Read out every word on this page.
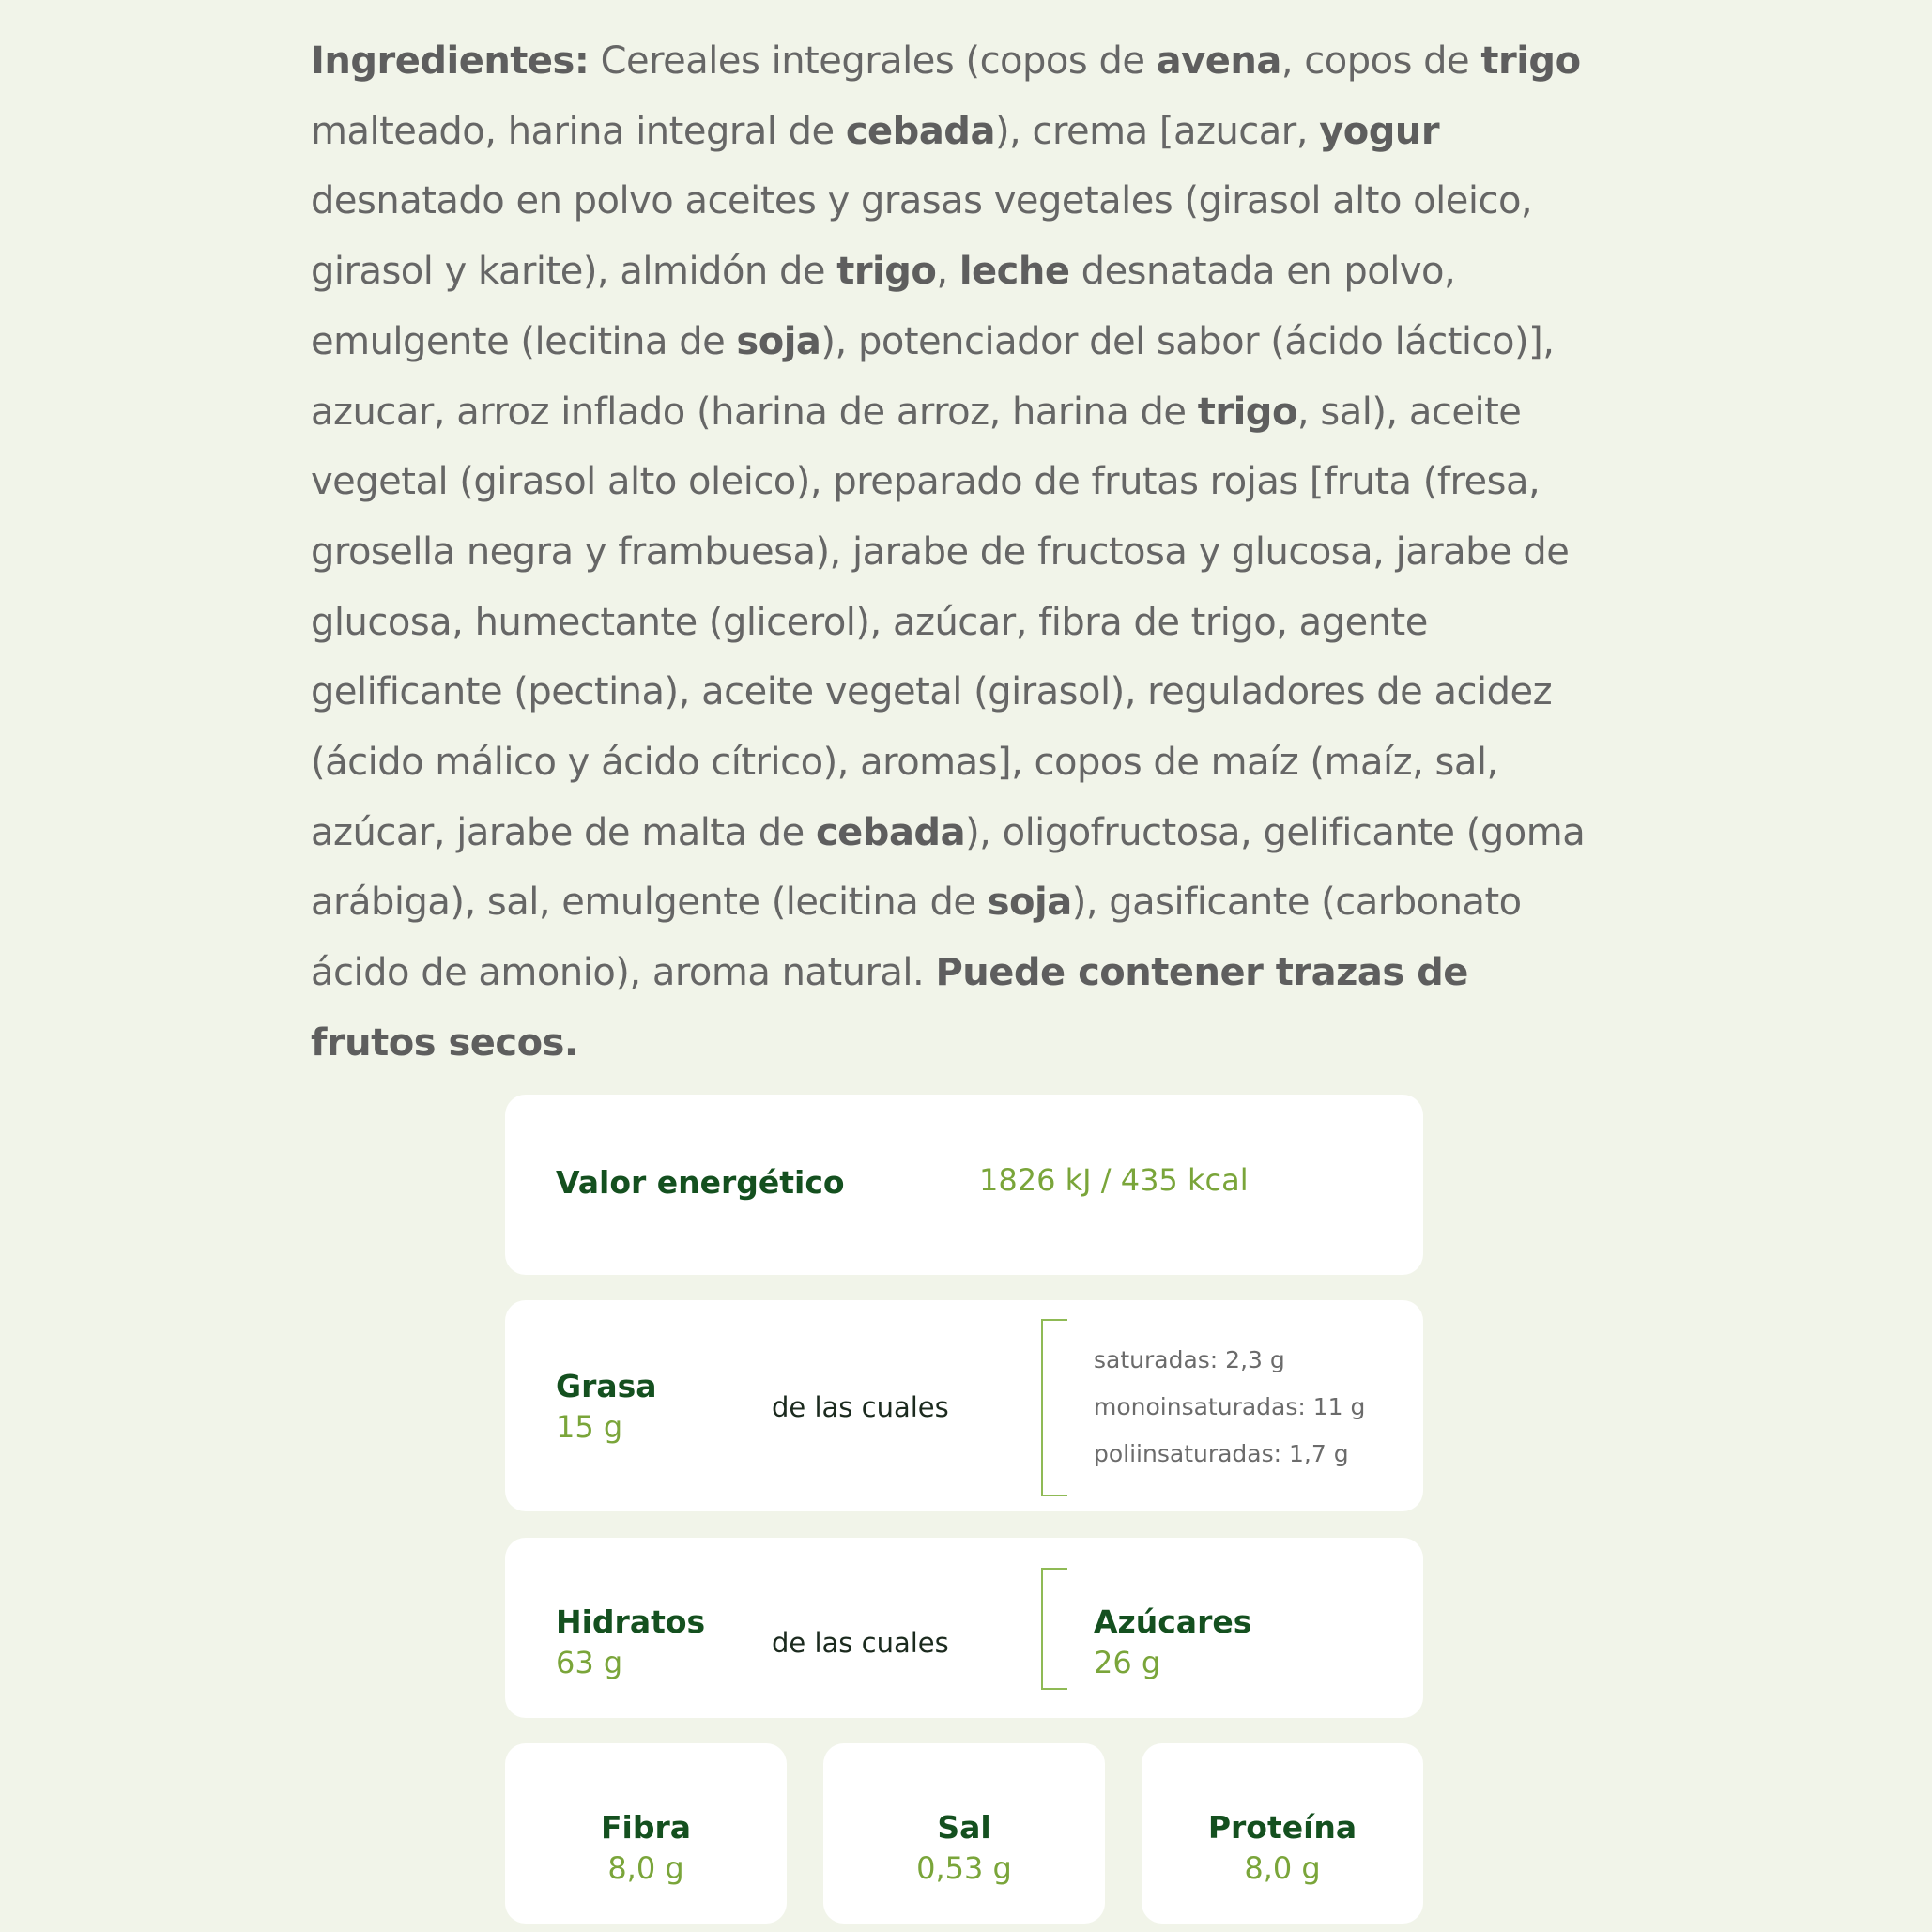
Ingredientes: Cereales integrales (copos de avena, copos de trigo malteado, harina integral de cebada), crema [azucar, yogur desnatado en polvo aceites y grasas vegetales (girasol alto oleico, girasol y karite), almidón de trigo, leche desnatada en polvo, emulgente (lecitina de soja), potenciador del sabor (ácido láctico)], azucar, arroz inflado (harina de arroz, harina de trigo, sal), aceite vegetal (girasol alto oleico), preparado de frutas rojas [fruta (fresa, grosella negra y frambuesa), jarabe de fructosa y glucosa, jarabe de glucosa, humectante (glicerol), azúcar, fibra de trigo, agente gelificante (pectina), aceite vegetal (girasol), reguladores de acidez (ácido málico y ácido cítrico), aromas], copos de maíz (maíz, sal, azúcar, jarabe de malta de cebada), oligofructosa, gelificante (goma arábiga), sal, emulgente (lecitina de soja), gasificante (carbonato ácido de amonio), aroma natural. Puede contener trazas de frutos secos.

Valor energético	1826 kJ / 435 kcal
Grasa
15 g
de las cuales
saturadas: 2,3 g
monoinsaturadas: 11 g
poliinsaturadas: 1,7 g
Hidratos
63 g
de las cuales
Azúcares
26 g
Fibra
8,0 g
Sal
0,53 g
Proteína
8,0 g
